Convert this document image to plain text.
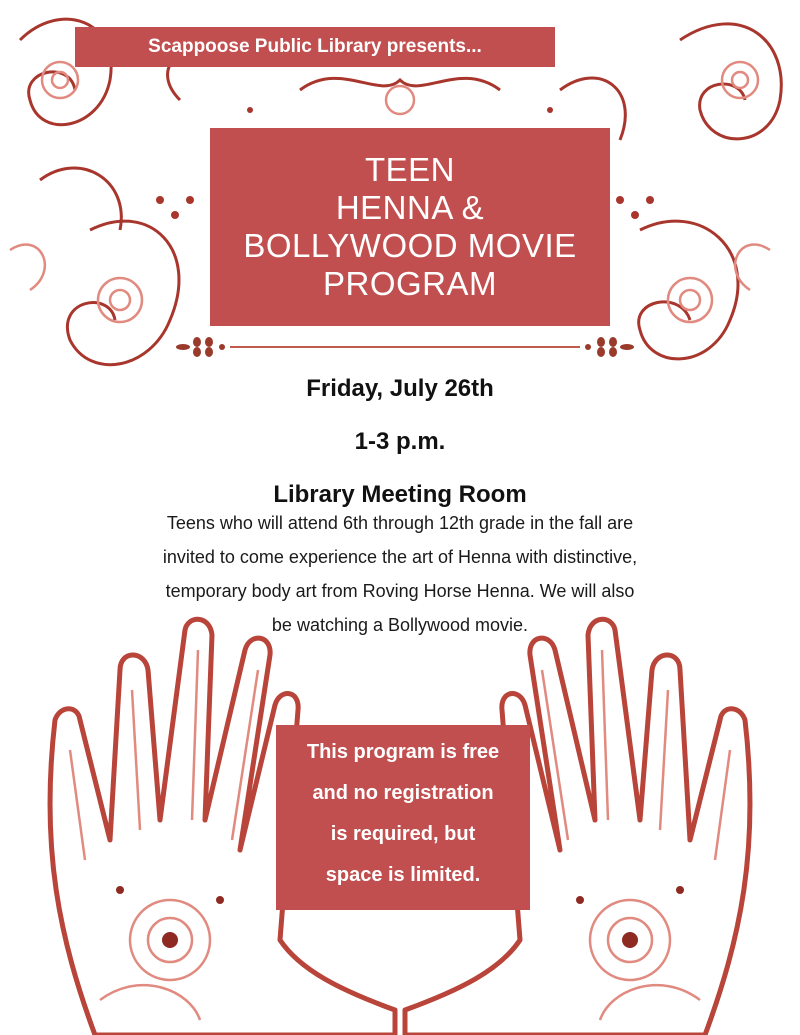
Scappoose Public Library presents...
TEEN
HENNA &
BOLLYWOOD MOVIE
PROGRAM
Friday, July 26th
1-3 p.m.
Library Meeting Room
Teens who will attend 6th through 12th grade in the fall are
invited to come experience the art of Henna with distinctive,
temporary body art from Roving Horse Henna. We will also
be watching a Bollywood movie.
This program is free
and no registration
is required, but
space is limited.
